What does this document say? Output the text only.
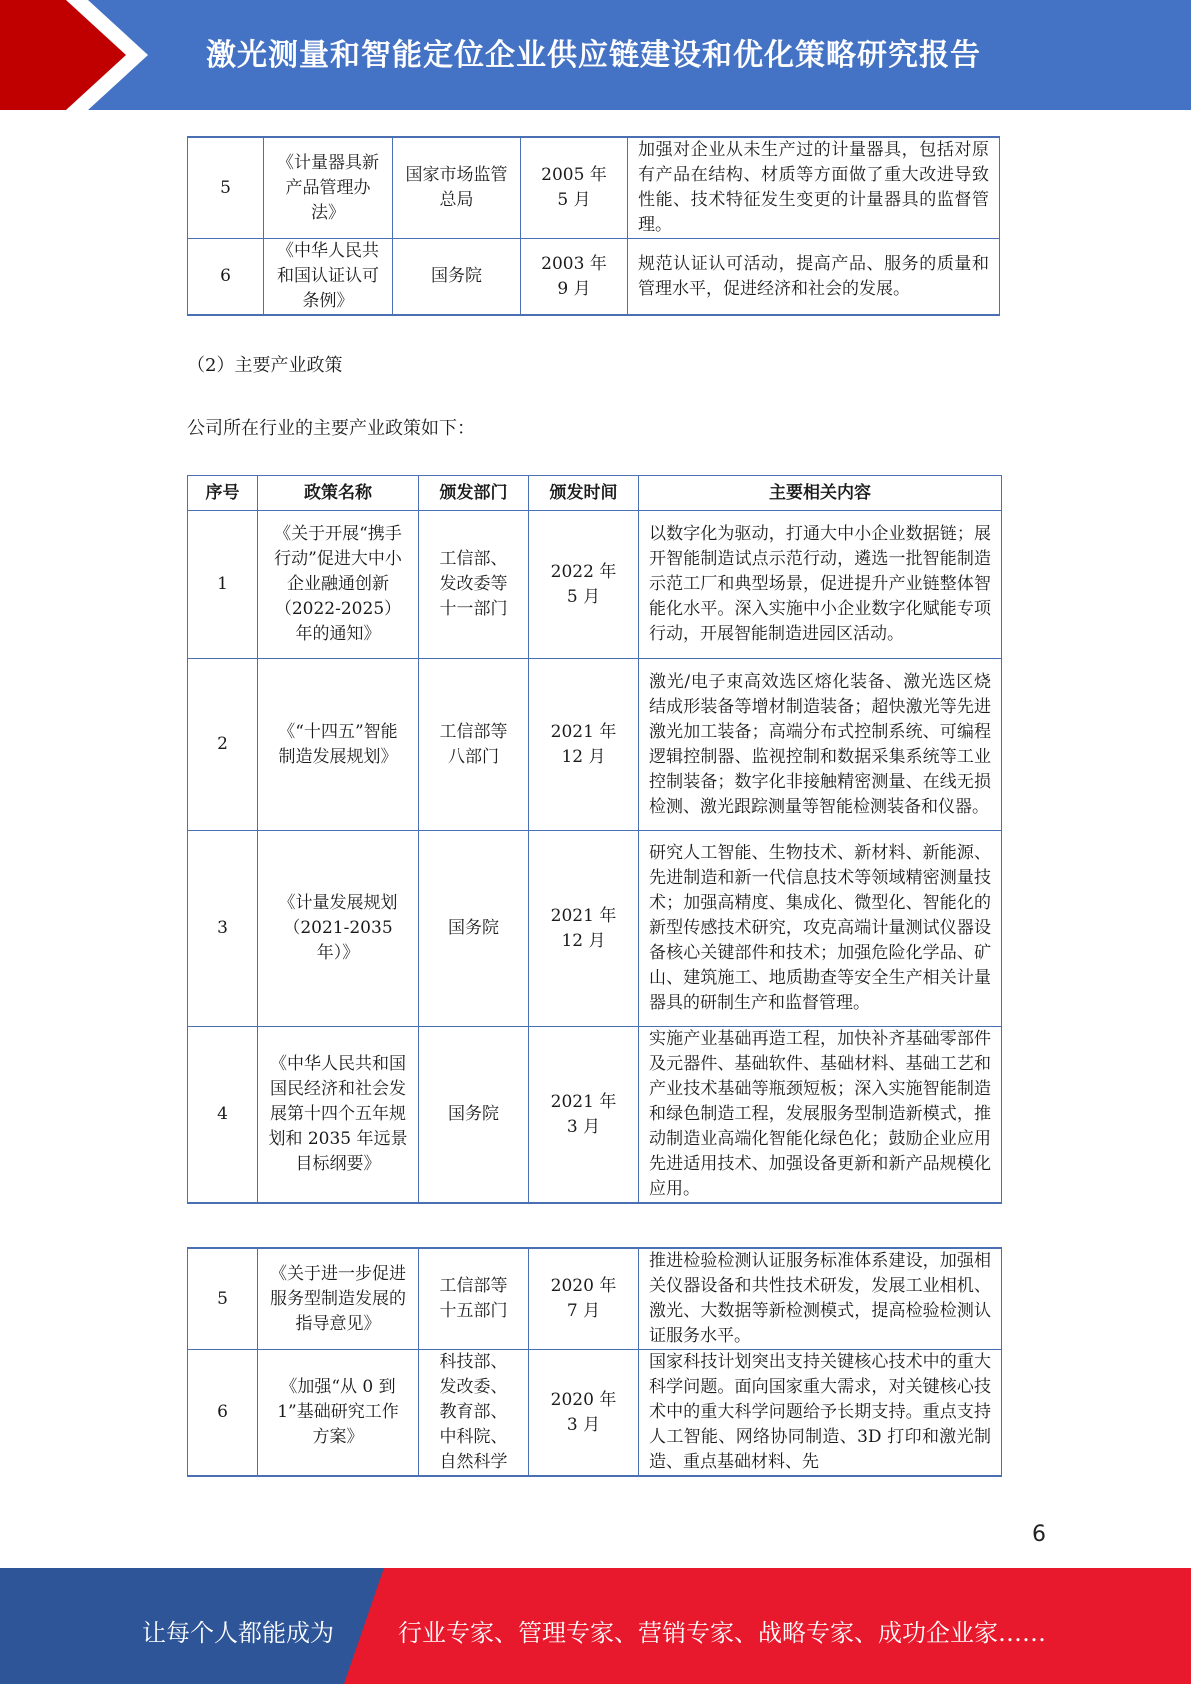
激光测量和智能定位企业供应链建设和优化策略研究报告
5	《计量器具新产品管理办法》	国家市场监管总局	2005 年 5 月	加强对企业从未生产过的计量器具，包括对原有产品在结构、材质等方面做了重大改进导致性能、技术特征发生变更的计量器具的监督管理。
6	《中华人民共和国认证认可条例》	国务院	2003 年 9 月	规范认证认可活动，提高产品、服务的质量和管理水平，促进经济和社会的发展。
（2）主要产业政策
公司所在行业的主要产业政策如下：
序号	政策名称	颁发部门	颁发时间	主要相关内容
1	《关于开展“携手行动”促进大中小企业融通创新（2022-2025）年的通知》	工信部、发改委等十一部门	2022 年 5 月	以数字化为驱动，打通大中小企业数据链；展开智能制造试点示范行动，遴选一批智能制造示范工厂和典型场景，促进提升产业链整体智能化水平。深入实施中小企业数字化赋能专项行动，开展智能制造进园区活动。
2	《“十四五”智能制造发展规划》	工信部等八部门	2021 年 12 月	激光/电子束高效选区熔化装备、激光选区烧结成形装备等增材制造装备；超快激光等先进激光加工装备；高端分布式控制系统、可编程逻辑控制器、监视控制和数据采集系统等工业控制装备；数字化非接触精密测量、在线无损检测、激光跟踪测量等智能检测装备和仪器。
3	《计量发展规划（2021-2035 年）》	国务院	2021 年 12 月	研究人工智能、生物技术、新材料、新能源、先进制造和新一代信息技术等领域精密测量技术；加强高精度、集成化、微型化、智能化的新型传感技术研究，攻克高端计量测试仪器设备核心关键部件和技术；加强危险化学品、矿山、建筑施工、地质勘查等安全生产相关计量器具的研制生产和监督管理。
4	《中华人民共和国国民经济和社会发展第十四个五年规划和 2035 年远景目标纲要》	国务院	2021 年 3 月	实施产业基础再造工程，加快补齐基础零部件及元器件、基础软件、基础材料、基础工艺和产业技术基础等瓶颈短板；深入实施智能制造和绿色制造工程，发展服务型制造新模式，推动制造业高端化智能化绿色化；鼓励企业应用先进适用技术、加强设备更新和新产品规模化应用。
5	《关于进一步促进服务型制造发展的指导意见》	工信部等十五部门	2020 年 7 月	推进检验检测认证服务标准体系建设，加强相关仪器设备和共性技术研发，发展工业相机、激光、大数据等新检测模式，提高检验检测认证服务水平。
6	《加强“从 0 到 1”基础研究工作方案》	科技部、发改委、教育部、中科院、自然科学	2020 年 3 月	国家科技计划突出支持关键核心技术中的重大科学问题。面向国家重大需求，对关键核心技术中的重大科学问题给予长期支持。重点支持人工智能、网络协同制造、3D 打印和激光制造、重点基础材料、先
6
让每个人都能成为	行业专家、管理专家、营销专家、战略专家、成功企业家……
